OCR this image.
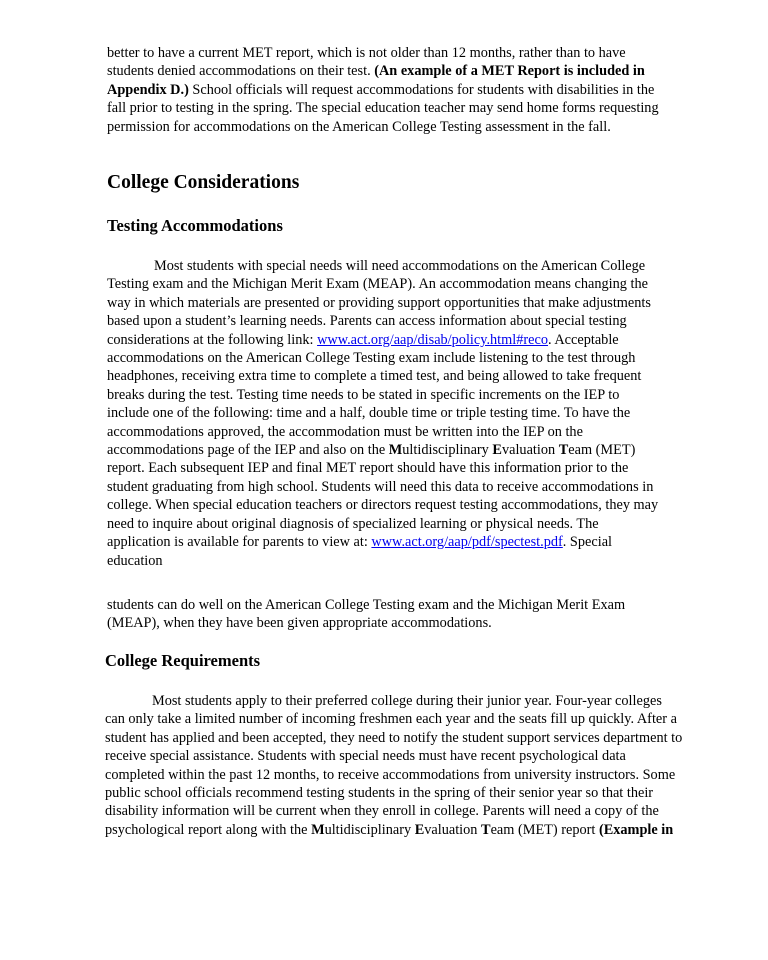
better to have a current MET report, which is not older than 12 months, rather than to have students denied accommodations on their test. (An example of a MET Report is included in Appendix D.) School officials will request accommodations for students with disabilities in the fall prior to testing in the spring. The special education teacher may send home forms requesting permission for accommodations on the American College Testing assessment in the fall.

College Considerations
Testing Accommodations

Most students with special needs will need accommodations on the American College Testing exam and the Michigan Merit Exam (MEAP). An accommodation means changing the way in which materials are presented or providing support opportunities that make adjustments based upon a student’s learning needs. Parents can access information about special testing considerations at the following link: www.act.org/aap/disab/policy.html#reco. Acceptable accommodations on the American College Testing exam include listening to the test through headphones, receiving extra time to complete a timed test, and being allowed to take frequent breaks during the test. Testing time needs to be stated in specific increments on the IEP to include one of the following: time and a half, double time or triple testing time. To have the accommodations approved, the accommodation must be written into the IEP on the accommodations page of the IEP and also on the Multidisciplinary Evaluation Team (MET) report. Each subsequent IEP and final MET report should have this information prior to the student graduating from high school. Students will need this data to receive accommodations in college. When special education teachers or directors request testing accommodations, they may need to inquire about original diagnosis of specialized learning or physical needs. The application is available for parents to view at: www.act.org/aap/pdf/spectest.pdf. Special education

students can do well on the American College Testing exam and the Michigan Merit Exam (MEAP), when they have been given appropriate accommodations.

College Requirements

Most students apply to their preferred college during their junior year. Four-year colleges can only take a limited number of incoming freshmen each year and the seats fill up quickly. After a student has applied and been accepted, they need to notify the student support services department to receive special assistance. Students with special needs must have recent psychological data completed within the past 12 months, to receive accommodations from university instructors. Some public school officials recommend testing students in the spring of their senior year so that their disability information will be current when they enroll in college. Parents will need a copy of the psychological report along with the Multidisciplinary Evaluation Team (MET) report (Example in
